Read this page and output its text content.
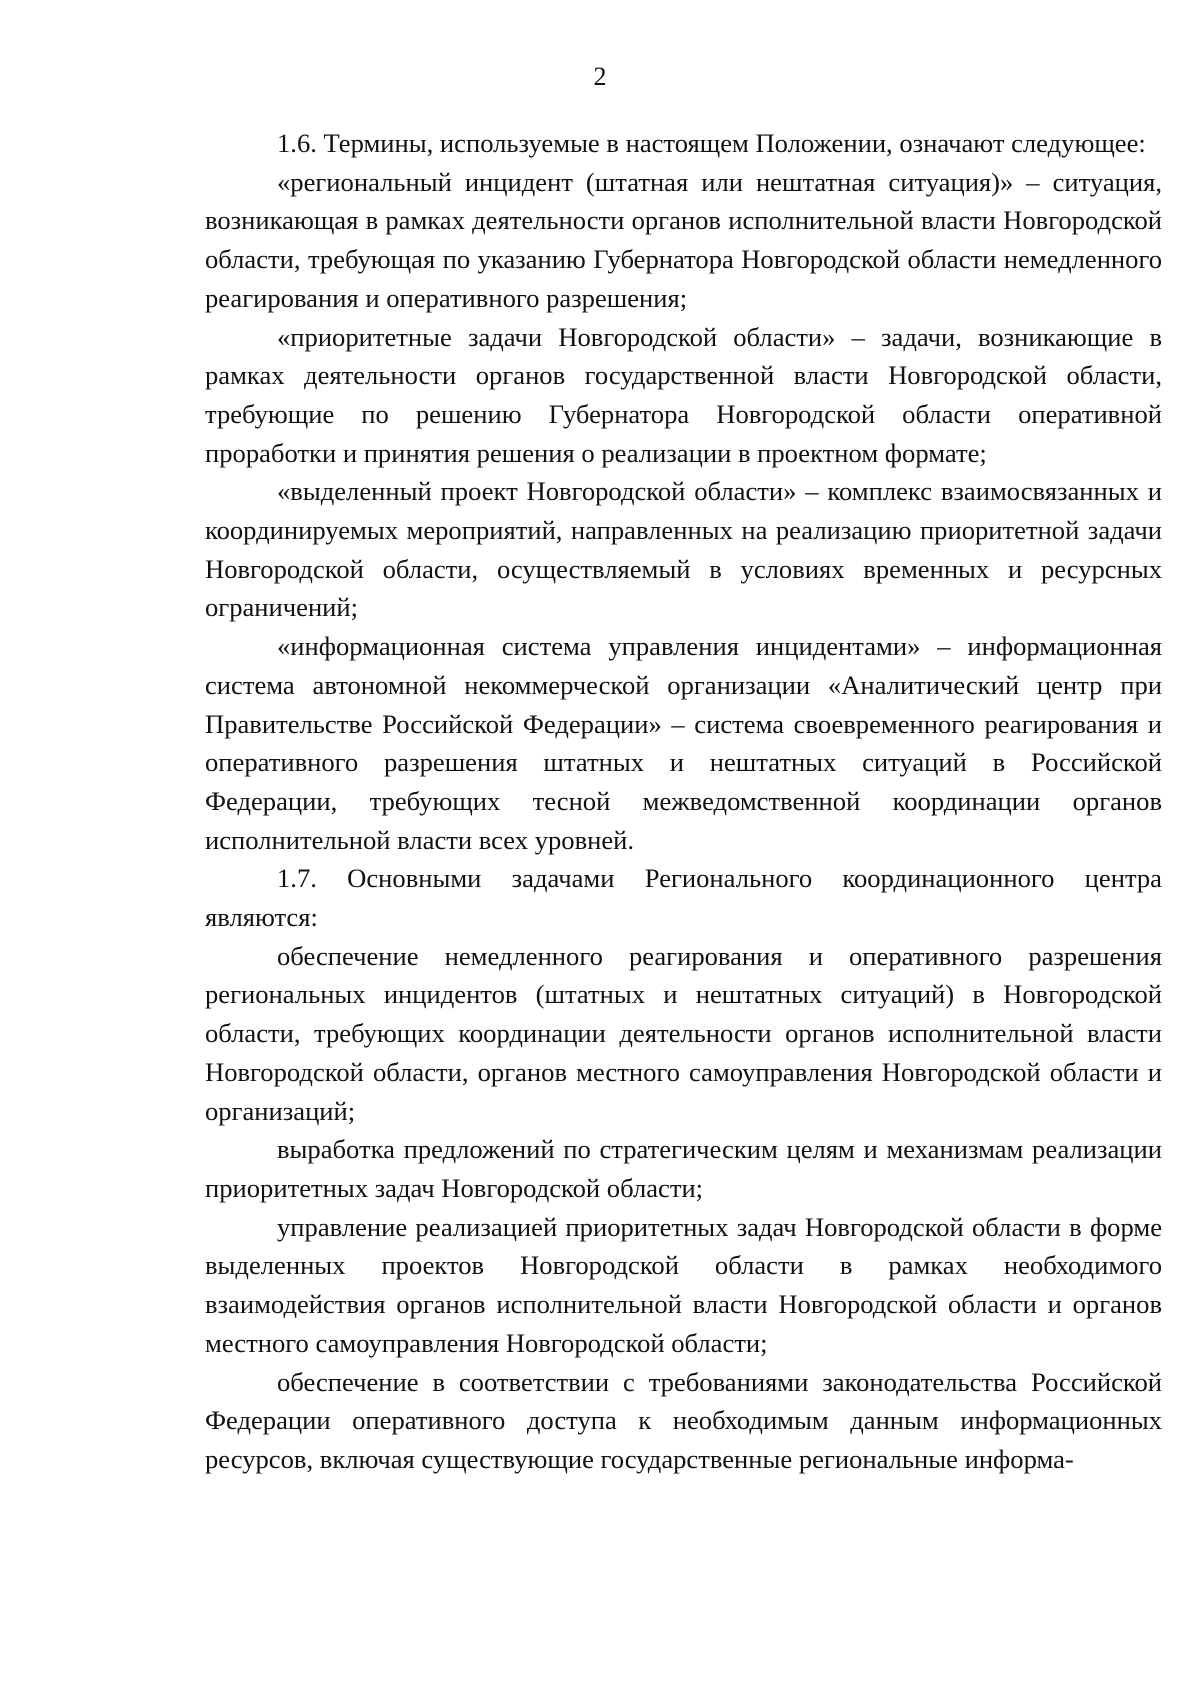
2

1.6. Термины, используемые в настоящем Положении, означают следующее:

«региональный инцидент (штатная или нештатная ситуация)» – ситуация, возникающая в рамках деятельности органов исполнительной власти Новгородской области, требующая по указанию Губернатора Новгородской области немедленного реагирования и оперативного разрешения;

«приоритетные задачи Новгородской области» – задачи, возникающие в рамках деятельности органов государственной власти Новгородской области, требующие по решению Губернатора Новгородской области оперативной проработки и принятия решения о реализации в проектном формате;

«выделенный проект Новгородской области» – комплекс взаимосвязанных и координируемых мероприятий, направленных на реализацию приоритетной задачи Новгородской области, осуществляемый в условиях временных и ресурсных ограничений;

«информационная система управления инцидентами» – информационная система автономной некоммерческой организации «Аналитический центр при Правительстве Российской Федерации» – система своевременного реагирования и оперативного разрешения штатных и нештатных ситуаций в Российской Федерации, требующих тесной межведомственной координации органов исполнительной власти всех уровней.

1.7. Основными задачами Регионального координационного центра являются:

обеспечение немедленного реагирования и оперативного разрешения региональных инцидентов (штатных и нештатных ситуаций) в Новгородской области, требующих координации деятельности органов исполнительной власти Новгородской области, органов местного самоуправления Новгородской области и организаций;

выработка предложений по стратегическим целям и механизмам реализации приоритетных задач Новгородской области;

управление реализацией приоритетных задач Новгородской области в форме выделенных проектов Новгородской области в рамках необходимого взаимодействия органов исполнительной власти Новгородской области и органов местного самоуправления Новгородской области;

обеспечение в соответствии с требованиями законодательства Российской Федерации оперативного доступа к необходимым данным информационных ресурсов, включая существующие государственные региональные информа-
